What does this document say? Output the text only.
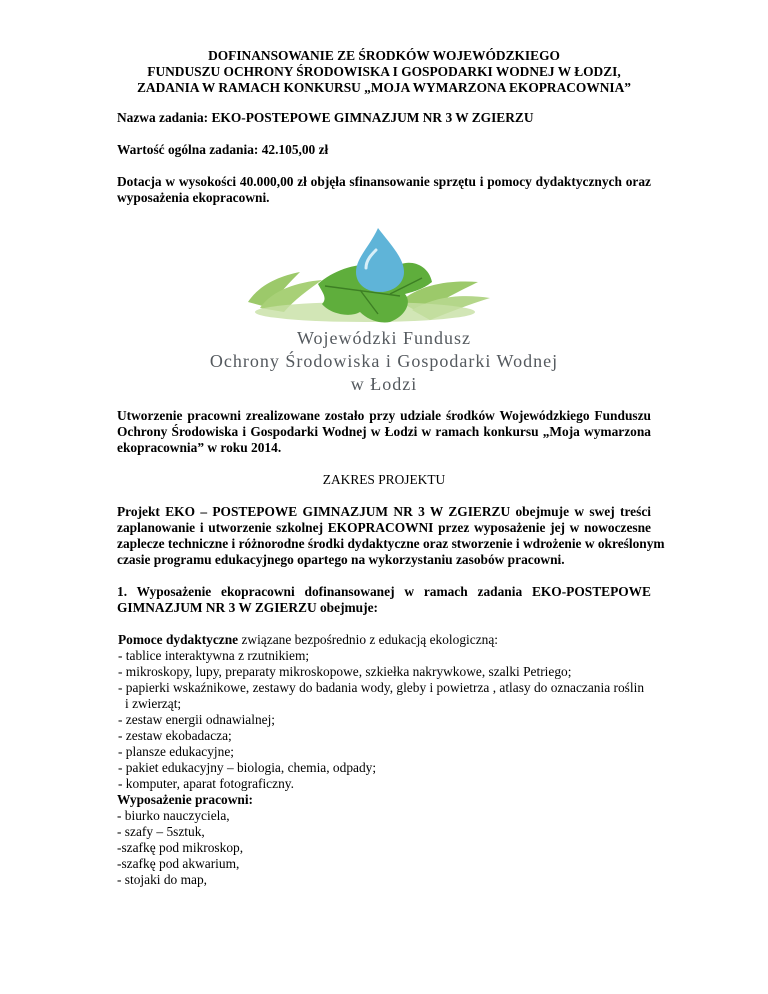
DOFINANSOWANIE ZE ŚRODKÓW WOJEWÓDZKIEGO
FUNDUSZU OCHRONY ŚRODOWISKA I GOSPODARKI WODNEJ W ŁODZI,
ZADANIA W RAMACH KONKURSU „MOJA WYMARZONA EKOPRACOWNIA”
Nazwa zadania: EKO-POSTEPOWE GIMNAZJUM NR 3 W ZGIERZU
Wartość ogólna zadania: 42.105,00 zł
Dotacja w wysokości 40.000,00 zł objęła sfinansowanie sprzętu i pomocy dydaktycznych oraz
wyposażenia ekopracowni.
Wojewódzki Fundusz
Ochrony Środowiska i Gospodarki Wodnej
w Łodzi
Utworzenie pracowni zrealizowane zostało przy udziale środków Wojewódzkiego Funduszu
Ochrony Środowiska i Gospodarki Wodnej w Łodzi w ramach konkursu „Moja wymarzona
ekopracownia” w roku 2014.
ZAKRES PROJEKTU
Projekt EKO – POSTEPOWE GIMNAZJUM NR 3 W ZGIERZU obejmuje w swej treści
zaplanowanie i utworzenie szkolnej EKOPRACOWNI przez wyposażenie jej w nowoczesne
zaplecze techniczne i różnorodne środki dydaktyczne oraz stworzenie i wdrożenie w określonym
czasie programu edukacyjnego opartego na wykorzystaniu zasobów pracowni.
1. Wyposażenie ekopracowni dofinansowanej w ramach zadania EKO-POSTEPOWE
GIMNAZJUM NR 3 W ZGIERZU obejmuje:
Pomoce dydaktyczne związane bezpośrednio z edukacją ekologiczną:
- tablice interaktywna z rzutnikiem;
- mikroskopy, lupy, preparaty mikroskopowe, szkiełka nakrywkowe, szalki Petriego;
- papierki wskaźnikowe, zestawy do badania wody, gleby i powietrza , atlasy do oznaczania roślin
i zwierząt;
- zestaw energii odnawialnej;
- zestaw ekobadacza;
- plansze edukacyjne;
- pakiet edukacyjny – biologia, chemia, odpady;
- komputer, aparat fotograficzny.
Wyposażenie pracowni:
- biurko nauczyciela,
- szafy – 5sztuk,
-szafkę pod mikroskop,
-szafkę pod akwarium,
- stojaki do map,
